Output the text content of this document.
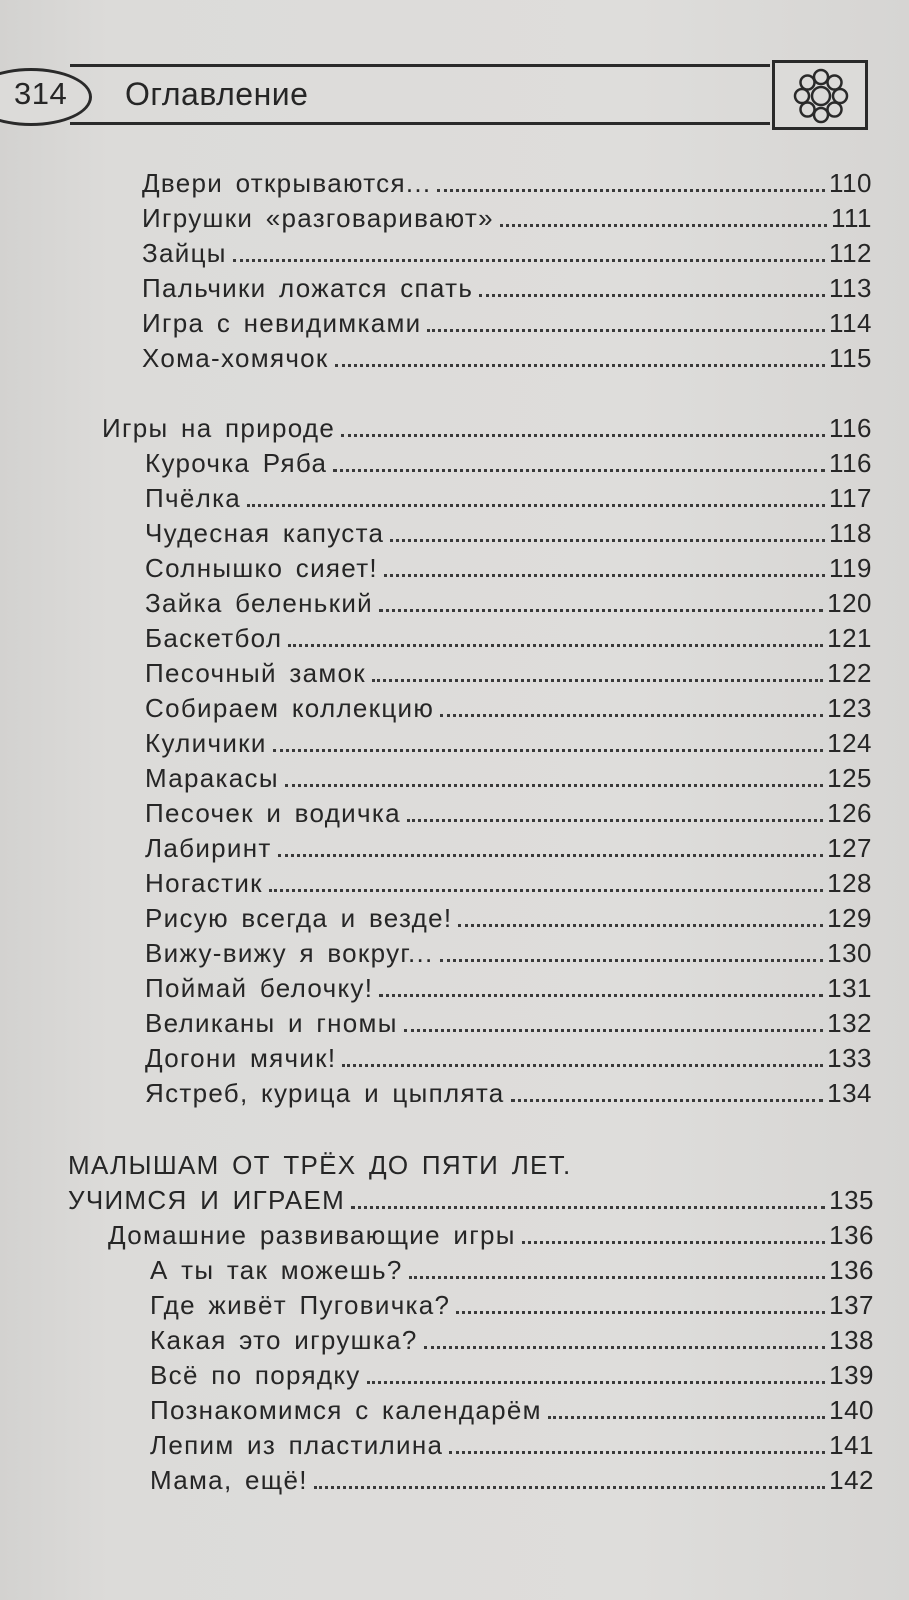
314 Оглавление
Двери открываются...	110
Игрушки «разговаривают»	111
Зайцы	112
Пальчики ложатся спать	113
Игра с невидимками	114
Хома-хомячок	115
Игры на природе	116
Курочка Ряба	116
Пчёлка	117
Чудесная капуста	118
Солнышко сияет!	119
Зайка беленький	120
Баскетбол	121
Песочный замок	122
Собираем коллекцию	123
Куличики	124
Маракасы	125
Песочек и водичка	126
Лабиринт	127
Ногастик	128
Рисую всегда и везде!	129
Вижу-вижу я вокруг...	130
Поймай белочку!	131
Великаны и гномы	132
Догони мячик!	133
Ястреб, курица и цыплята	134
МАЛЫШАМ ОТ ТРЁХ ДО ПЯТИ ЛЕТ.
УЧИМСЯ И ИГРАЕМ	135
Домашние развивающие игры	136
А ты так можешь?	136
Где живёт Пуговичка?	137
Какая это игрушка?	138
Всё по порядку	139
Познакомимся с календарём	140
Лепим из пластилина	141
Мама, ещё!	142
